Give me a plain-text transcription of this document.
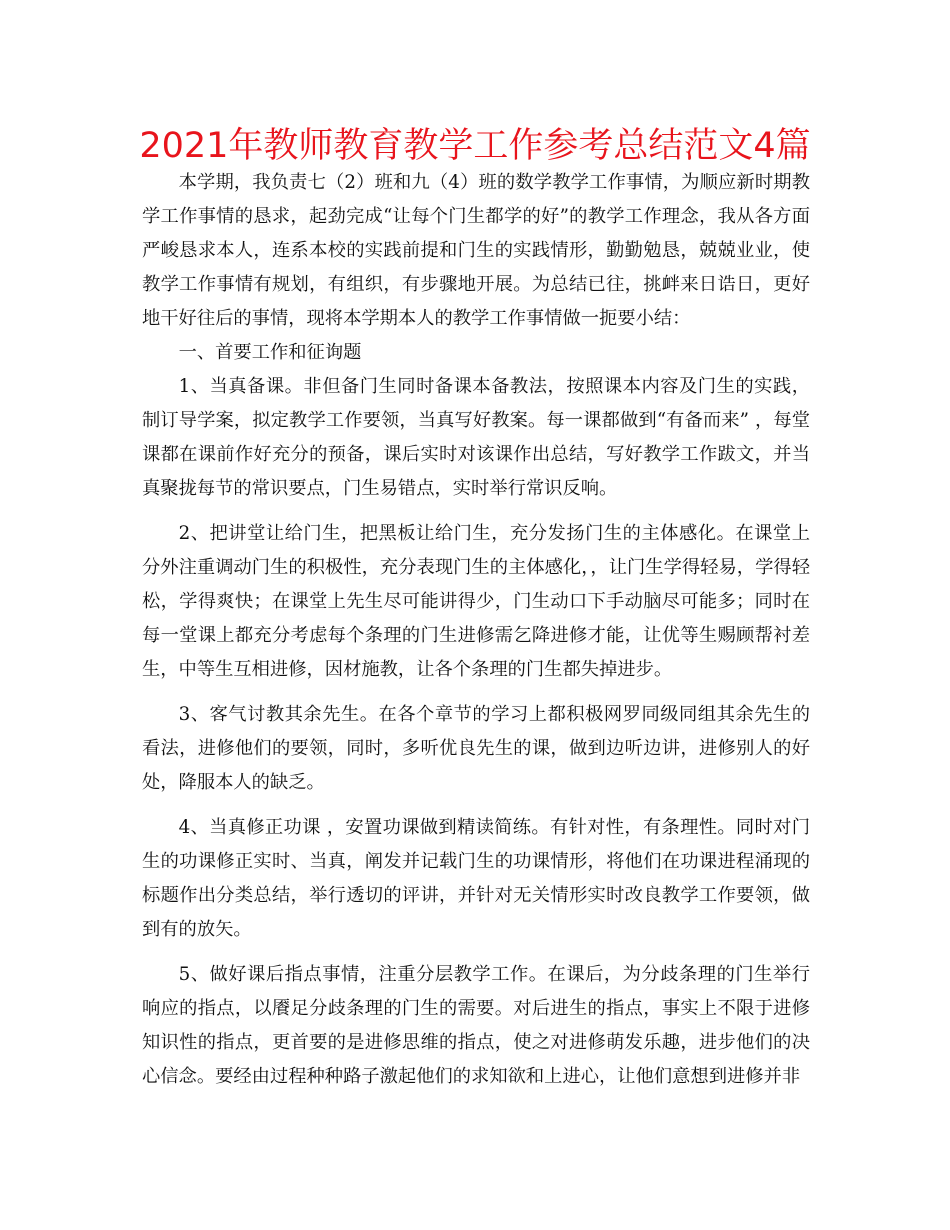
2021年教师教育教学工作参考总结范文4篇

本学期，我负责七（2）班和九（4）班的数学教学工作事情，为顺应新时期教学工作事情的恳求，起劲完成“让每个门生都学的好”的教学工作理念，我从各方面严峻恳求本人，连系本校的实践前提和门生的实践情形，勤勤勉恳，兢兢业业，使教学工作事情有规划，有组织，有步骤地开展。为总结已往，挑衅来日诰日，更好地干好往后的事情，现将本学期本人的教学工作事情做一扼要小结：

一、首要工作和征询题

1、当真备课。非但备门生同时备课本备教法，按照课本内容及门生的实践，制订导学案，拟定教学工作要领，当真写好教案。每一课都做到“有备而来” ，每堂课都在课前作好充分的预备，课后实时对该课作出总结，写好教学工作跋文，并当真聚拢每节的常识要点，门生易错点，实时举行常识反响。

2、把讲堂让给门生，把黑板让给门生，充分发扬门生的主体感化。在课堂上分外注重调动门生的积极性，充分表现门生的主体感化，，让门生学得轻易，学得轻松，学得爽快；在课堂上先生尽可能讲得少，门生动口下手动脑尽可能多；同时在每一堂课上都充分考虑每个条理的门生进修需乞降进修才能，让优等生赐顾帮衬差生，中等生互相进修，因材施教，让各个条理的门生都失掉进步。

3、客气讨教其余先生。在各个章节的学习上都积极网罗同级同组其余先生的看法，进修他们的要领，同时，多听优良先生的课，做到边听边讲，进修别人的好处，降服本人的缺乏。

4、当真修正功课 ，安置功课做到精读简练。有针对性，有条理性。同时对门生的功课修正实时、当真，阐发并记载门生的功课情形，将他们在功课进程涌现的标题作出分类总结，举行透切的评讲，并针对无关情形实时改良教学工作要领，做到有的放矢。

5、做好课后指点事情，注重分层教学工作。在课后，为分歧条理的门生举行响应的指点，以餍足分歧条理的门生的需要。对后进生的指点，事实上不限于进修知识性的指点，更首要的是进修思维的指点，使之对进修萌发乐趣，进步他们的决心信念。要经由过程种种路子激起他们的求知欲和上进心，让他们意想到进修并非
